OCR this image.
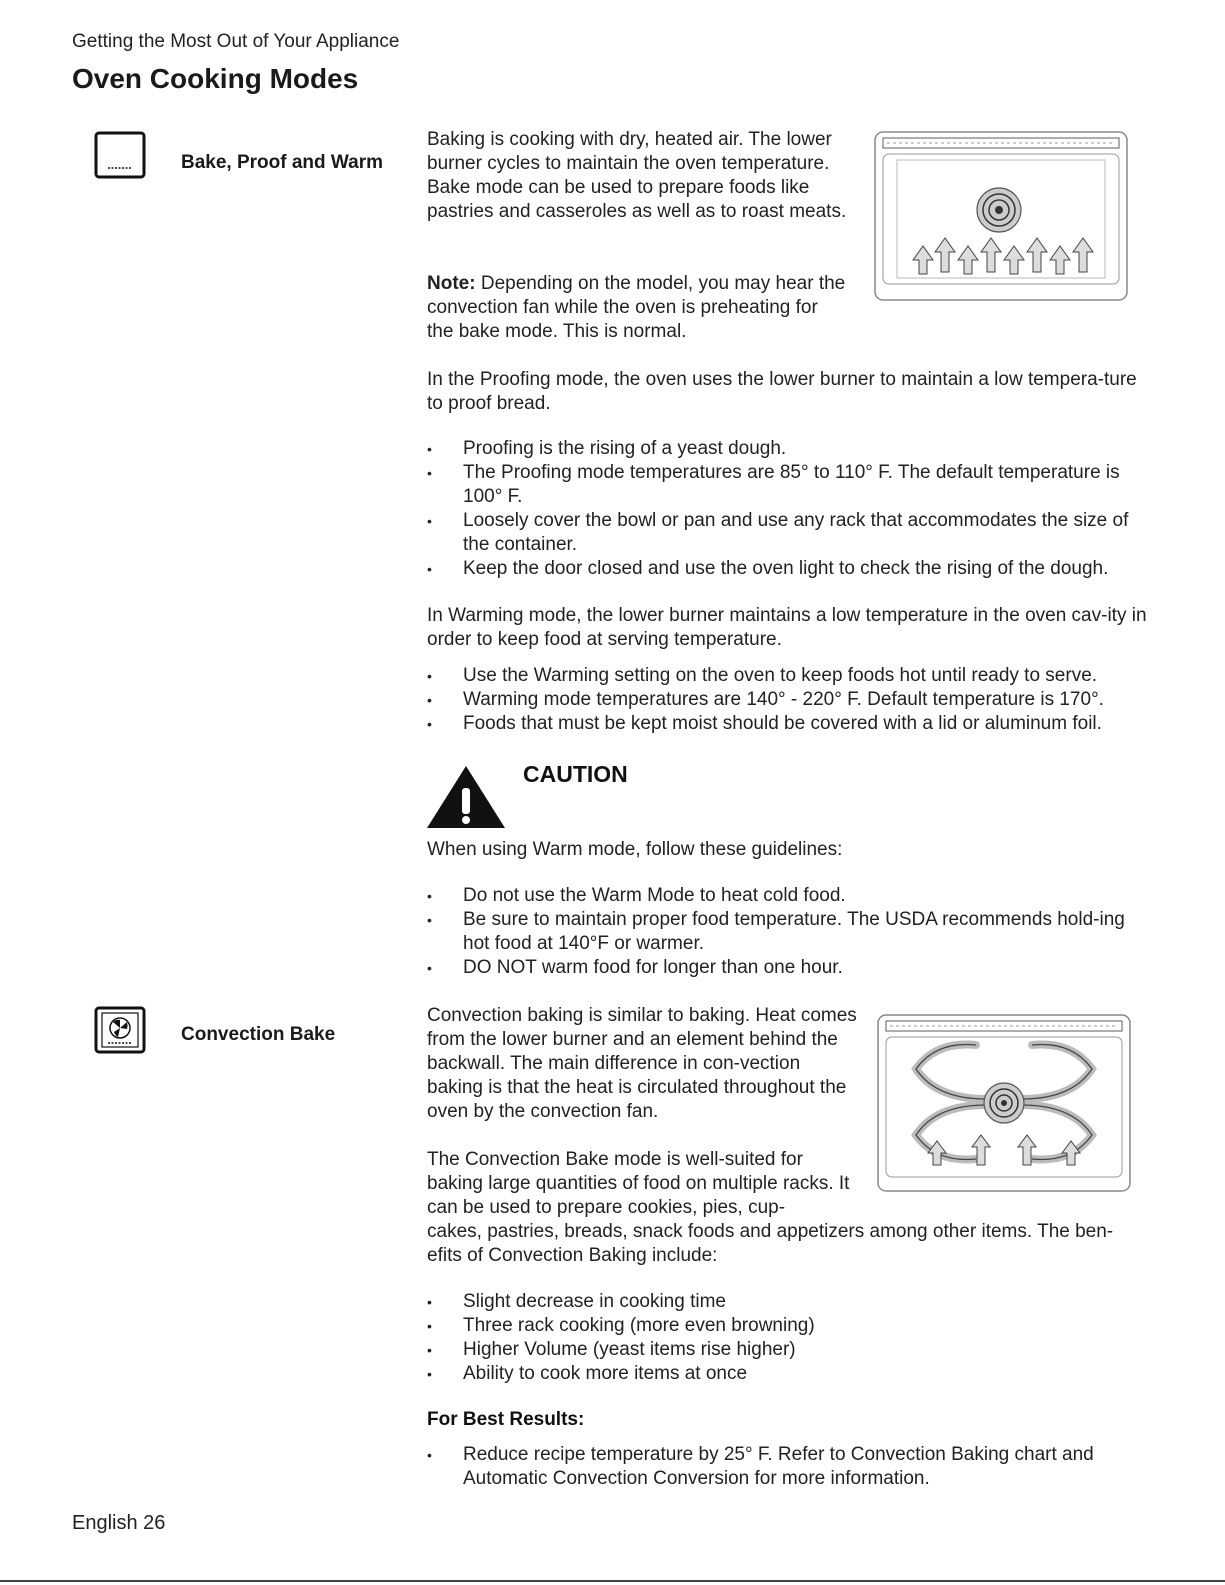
Getting the Most Out of Your Appliance
Oven Cooking Modes
Bake, Proof and Warm
Baking is cooking with dry, heated air. The lower burner cycles to maintain the oven temperature. Bake mode can be used to prepare foods like pastries and casseroles as well as to roast meats.
Note: Depending on the model, you may hear the convection fan while the oven is preheating for the bake mode. This is normal.
In the Proofing mode, the oven uses the lower burner to maintain a low tempera-ture to proof bread.
• Proofing is the rising of a yeast dough.
• The Proofing mode temperatures are 85° to 110° F. The default temperature is 100° F.
• Loosely cover the bowl or pan and use any rack that accommodates the size of the container.
• Keep the door closed and use the oven light to check the rising of the dough.
In Warming mode, the lower burner maintains a low temperature in the oven cav-ity in order to keep food at serving temperature.
• Use the Warming setting on the oven to keep foods hot until ready to serve.
• Warming mode temperatures are 140° - 220° F. Default temperature is 170°.
• Foods that must be kept moist should be covered with a lid or aluminum foil.
CAUTION
When using Warm mode, follow these guidelines:
• Do not use the Warm Mode to heat cold food.
• Be sure to maintain proper food temperature. The USDA recommends hold-ing hot food at 140°F or warmer.
• DO NOT warm food for longer than one hour.
Convection Bake
Convection baking is similar to baking. Heat comes from the lower burner and an element behind the backwall. The main difference in con-vection baking is that the heat is circulated throughout the oven by the convection fan.
The Convection Bake mode is well-suited for baking large quantities of food on multiple racks. It can be used to prepare cookies, pies, cup-
cakes, pastries, breads, snack foods and appetizers among other items. The ben-efits of Convection Baking include:
• Slight decrease in cooking time
• Three rack cooking (more even browning)
• Higher Volume (yeast items rise higher)
• Ability to cook more items at once
For Best Results:
• Reduce recipe temperature by 25° F. Refer to Convection Baking chart and Automatic Convection Conversion for more information.
English 26
